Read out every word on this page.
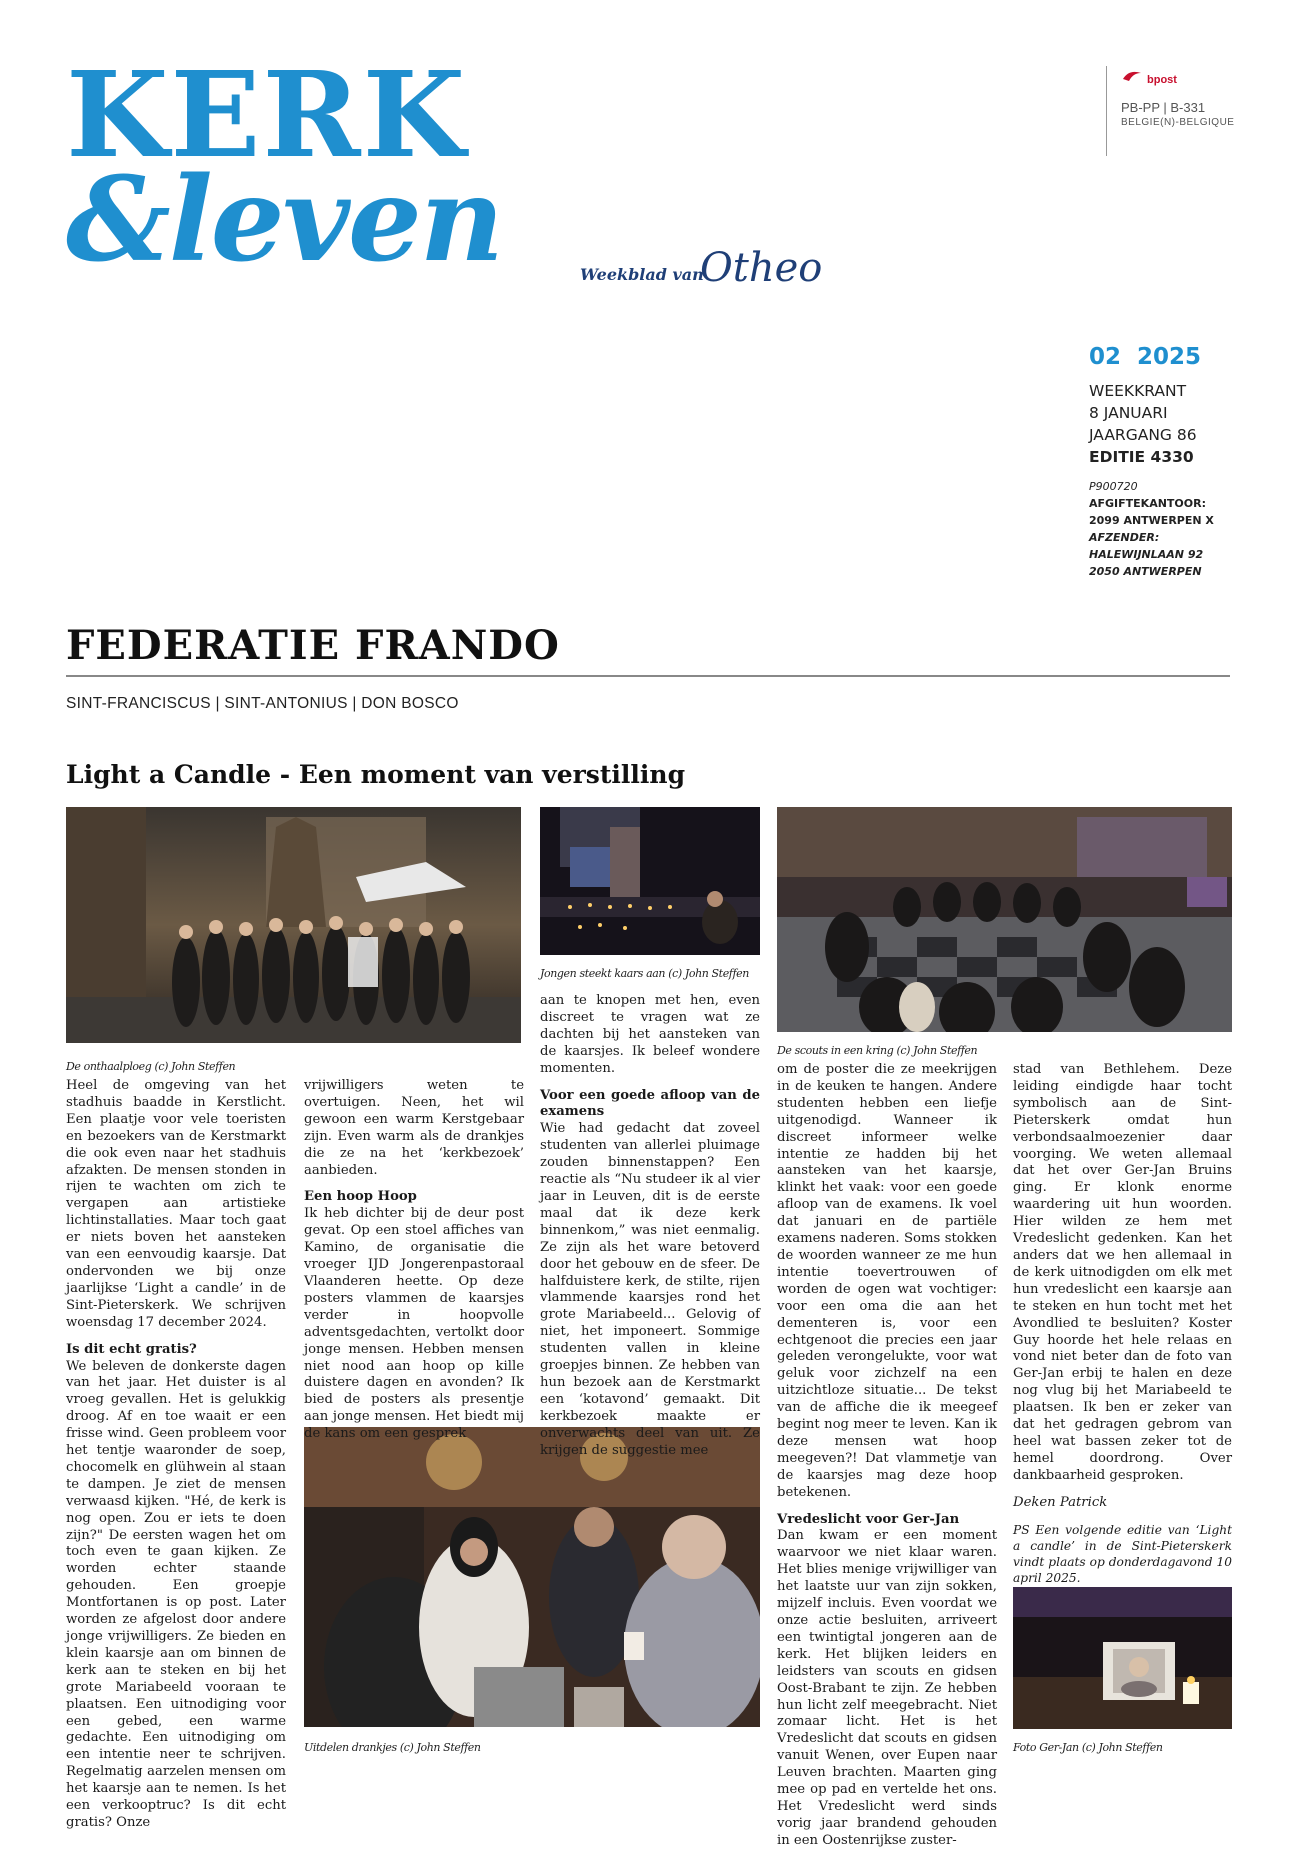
KERK
&leven	Weekblad van
Otheo
bpost
PB-PP | B-331
BELGIE(N)-BELGIQUE
02 2025
WEEKKRANT
8 JANUARI
JAARGANG 86
EDITIE 4330
P900720
AFGIFTEKANTOOR:
2099 ANTWERPEN X
AFZENDER:
HALEWIJNLAAN 92
2050 ANTWERPEN
FEDERATIE FRANDO
SINT-FRANCISCUS | SINT-ANTONIUS | DON BOSCO
Light a Candle - Een moment van verstilling
De onthaalploeg (c) John Steffen
Jongen steekt kaars aan (c) John Steffen
De scouts in een kring (c) John Steffen
Uitdelen drankjes (c) John Steffen	Foto Ger-Jan (c) John Steffen

Heel de omgeving van het stadhuis baadde in Kerstlicht. Een plaatje voor vele toeristen en bezoekers van de Kerstmarkt die ook even naar het stadhuis afzakten. De mensen stonden in rijen te wachten om zich te vergapen aan artistieke lichtinstallaties. Maar toch gaat er niets boven het aansteken van een eenvoudig kaarsje. Dat ondervonden we bij onze jaarlijkse ‘Light a candle’ in de Sint-Pieterskerk. We schrijven woensdag 17 december 2024.

Is dit echt gratis?

We beleven de donkerste dagen van het jaar. Het duister is al vroeg gevallen. Het is gelukkig droog. Af en toe waait er een frisse wind. Geen probleem voor het tentje waaronder de soep, chocomelk en glühwein al staan te dampen. Je ziet de mensen verwaasd kijken. "Hé, de kerk is nog open. Zou er iets te doen zijn?" De eersten wagen het om toch even te gaan kijken. Ze worden echter staande gehouden. Een groepje Montfortanen is op post. Later worden ze afgelost door andere jonge vrijwilligers. Ze bieden en klein kaarsje aan om binnen de kerk aan te steken en bij het grote Mariabeeld vooraan te plaatsen. Een uitnodiging voor een gebed, een warme gedachte. Een uitnodiging om een intentie neer te schrijven. Regelmatig aarzelen mensen om het kaarsje aan te nemen. Is het een verkooptruc? Is dit echt gratis? Onze

vrijwilligers weten te overtuigen. Neen, het wil gewoon een warm Kerstgebaar zijn. Even warm als de drankjes die ze na het ‘kerkbezoek’ aanbieden.

Een hoop Hoop

Ik heb dichter bij de deur post gevat. Op een stoel affiches van Kamino, de organisatie die vroeger IJD Jongerenpastoraal Vlaanderen heette. Op deze posters vlammen de kaarsjes verder in hoopvolle adventsgedachten, vertolkt door jonge mensen. Hebben mensen niet nood aan hoop op kille duistere dagen en avonden? Ik bied de posters als presentje aan jonge mensen. Het biedt mij de kans om een gesprek

aan te knopen met hen, even discreet te vragen wat ze dachten bij het aansteken van de kaarsjes. Ik beleef wondere momenten.

Voor een goede afloop van de examens

Wie had gedacht dat zoveel studenten van allerlei pluimage zouden binnenstappen? Een reactie als “Nu studeer ik al vier jaar in Leuven, dit is de eerste maal dat ik deze kerk binnenkom,” was niet eenmalig. Ze zijn als het ware betoverd door het gebouw en de sfeer. De halfduistere kerk, de stilte, rijen vlammende kaarsjes rond het grote Mariabeeld... Gelovig of niet, het imponeert. Sommige studenten vallen in kleine groepjes binnen. Ze hebben van hun bezoek aan de Kerstmarkt een ‘kotavond’ gemaakt. Dit kerkbezoek maakte er onverwachts deel van uit. Ze krijgen de suggestie mee

om de poster die ze meekrijgen in de keuken te hangen. Andere studenten hebben een liefje uitgenodigd. Wanneer ik discreet informeer welke intentie ze hadden bij het aansteken van het kaarsje, klinkt het vaak: voor een goede afloop van de examens. Ik voel dat januari en de partiële examens naderen. Soms stokken de woorden wanneer ze me hun intentie toevertrouwen of worden de ogen wat vochtiger: voor een oma die aan het dementeren is, voor een echtgenoot die precies een jaar geleden verongelukte, voor wat geluk voor zichzelf na een uitzichtloze situatie... De tekst van de affiche die ik meegeef begint nog meer te leven. Kan ik deze mensen wat hoop meegeven?! Dat vlammetje van de kaarsjes mag deze hoop betekenen.

Vredeslicht voor Ger-Jan

Dan kwam er een moment waarvoor we niet klaar waren. Het blies menige vrijwilliger van het laatste uur van zijn sokken, mijzelf incluis. Even voordat we onze actie besluiten, arriveert een twintigtal jongeren aan de kerk. Het blijken leiders en leidsters van scouts en gidsen Oost-Brabant te zijn. Ze hebben hun licht zelf meegebracht. Niet zomaar licht. Het is het Vredeslicht dat scouts en gidsen vanuit Wenen, over Eupen naar Leuven brachten. Maarten ging mee op pad en vertelde het ons. Het Vredeslicht werd sinds vorig jaar brandend gehouden in een Oostenrijkse zuster-

stad van Bethlehem. Deze leiding eindigde haar tocht symbolisch aan de Sint-Pieterskerk omdat hun verbondsaalmoezenier daar voorging. We weten allemaal dat het over Ger-Jan Bruins ging. Er klonk enorme waardering uit hun woorden. Hier wilden ze hem met Vredeslicht gedenken. Kan het anders dat we hen allemaal in de kerk uitnodigden om elk met hun vredeslicht een kaarsje aan te steken en hun tocht met het Avondlied te besluiten? Koster Guy hoorde het hele relaas en vond niet beter dan de foto van Ger-Jan erbij te halen en deze nog vlug bij het Mariabeeld te plaatsen. Ik ben er zeker van dat het gedragen gebrom van heel wat bassen zeker tot de hemel doordrong. Over dankbaarheid gesproken.

Deken Patrick

PS Een volgende editie van ‘Light a candle’ in de Sint-Pieterskerk vindt plaats op donderdagavond 10 april 2025.
